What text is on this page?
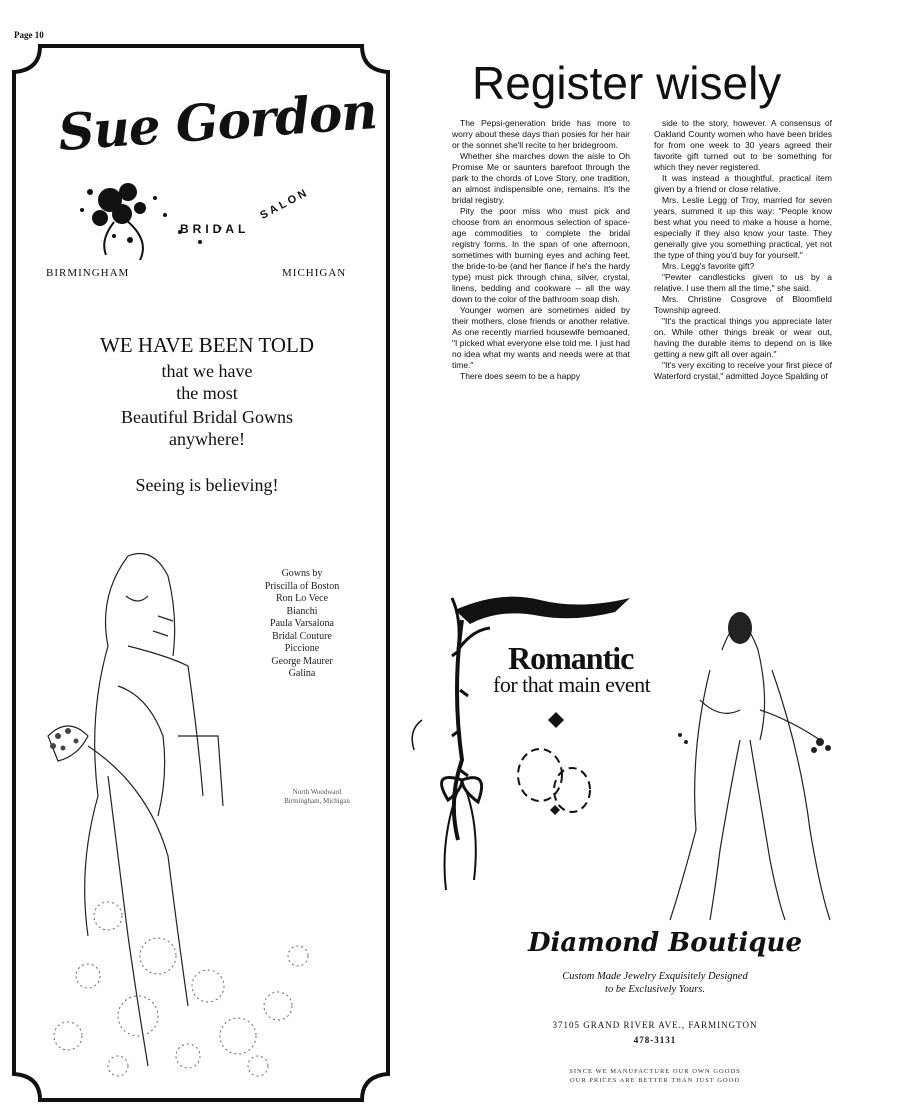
Page 10
Sue Gordon
BRIDAL
SALON
BIRMINGHAM	MICHIGAN
WE HAVE BEEN TOLD
that we have
the most
Beautiful Bridal Gowns
anywhere!
Seeing is believing!
Gowns by
Priscilla of Boston
Ron Lo Vece
Bianchi
Paula Varsalona
Bridal Couture
Piccione
George Maurer
Galina
North Woodward
Birmingham, Michigan
Register wisely

The Pepsi-generation bride has more to worry about these days than posies for her hair or the sonnet she'll recite to her bridegroom.

Whether she marches down the aisle to Oh Promise Me or saunters barefoot through the park to the chords of Love Story, one tradition, an almost indispensible one, remains. It's the bridal registry.

Pity the poor miss who must pick and choose from an enormous selection of space-age commodities to complete the bridal registry forms. In the span of one afternoon, sometimes with burning eyes and aching feet, the bride-to-be (and her fiance if he's the hardy type) must pick through china, silver, crystal, linens, bedding and cookware -- all the way down to the color of the bathroom soap dish.

Younger women are sometimes aided by their mothers, close friends or another relative. As one recently married housewife bemoaned, "I picked what everyone else told me. I just had no idea what my wants and needs were at that time."

There does seem to be a happy

side to the story, however. A consensus of Oakland County women who have been brides for from one week to 30 years agreed their favorite gift turned out to be something for which they never registered.

It was instead a thoughtful, practical item given by a friend or close relative.

Mrs. Leslie Legg of Troy, married for seven years, summed it up this way: "People know best what you need to make a house a home, especially if they also know your taste. They generally give you something practical, yet not the type of thing you'd buy for yourself."

Mrs. Legg's favorite gift?

"Pewter candlesticks given to us by a relative. I use them all the time," she said.

Mrs. Christine Cosgrove of Bloomfield Township agreed.

"It's the practical things you appreciate later on. While other things break or wear out, having the durable items to depend on is like getting a new gift all over again."

"It's very exciting to receive your first piece of Waterford crystal," admitted Joyce Spalding of

Romantic
for that main event
Diamond Boutique
Custom Made Jewelry Exquisitely Designed
to be Exclusively Yours.
37105 GRAND RIVER AVE., FARMINGTON
478-3131
SINCE WE MANUFACTURE OUR OWN GOODS
OUR PRICES ARE BETTER THAN JUST GOOD
